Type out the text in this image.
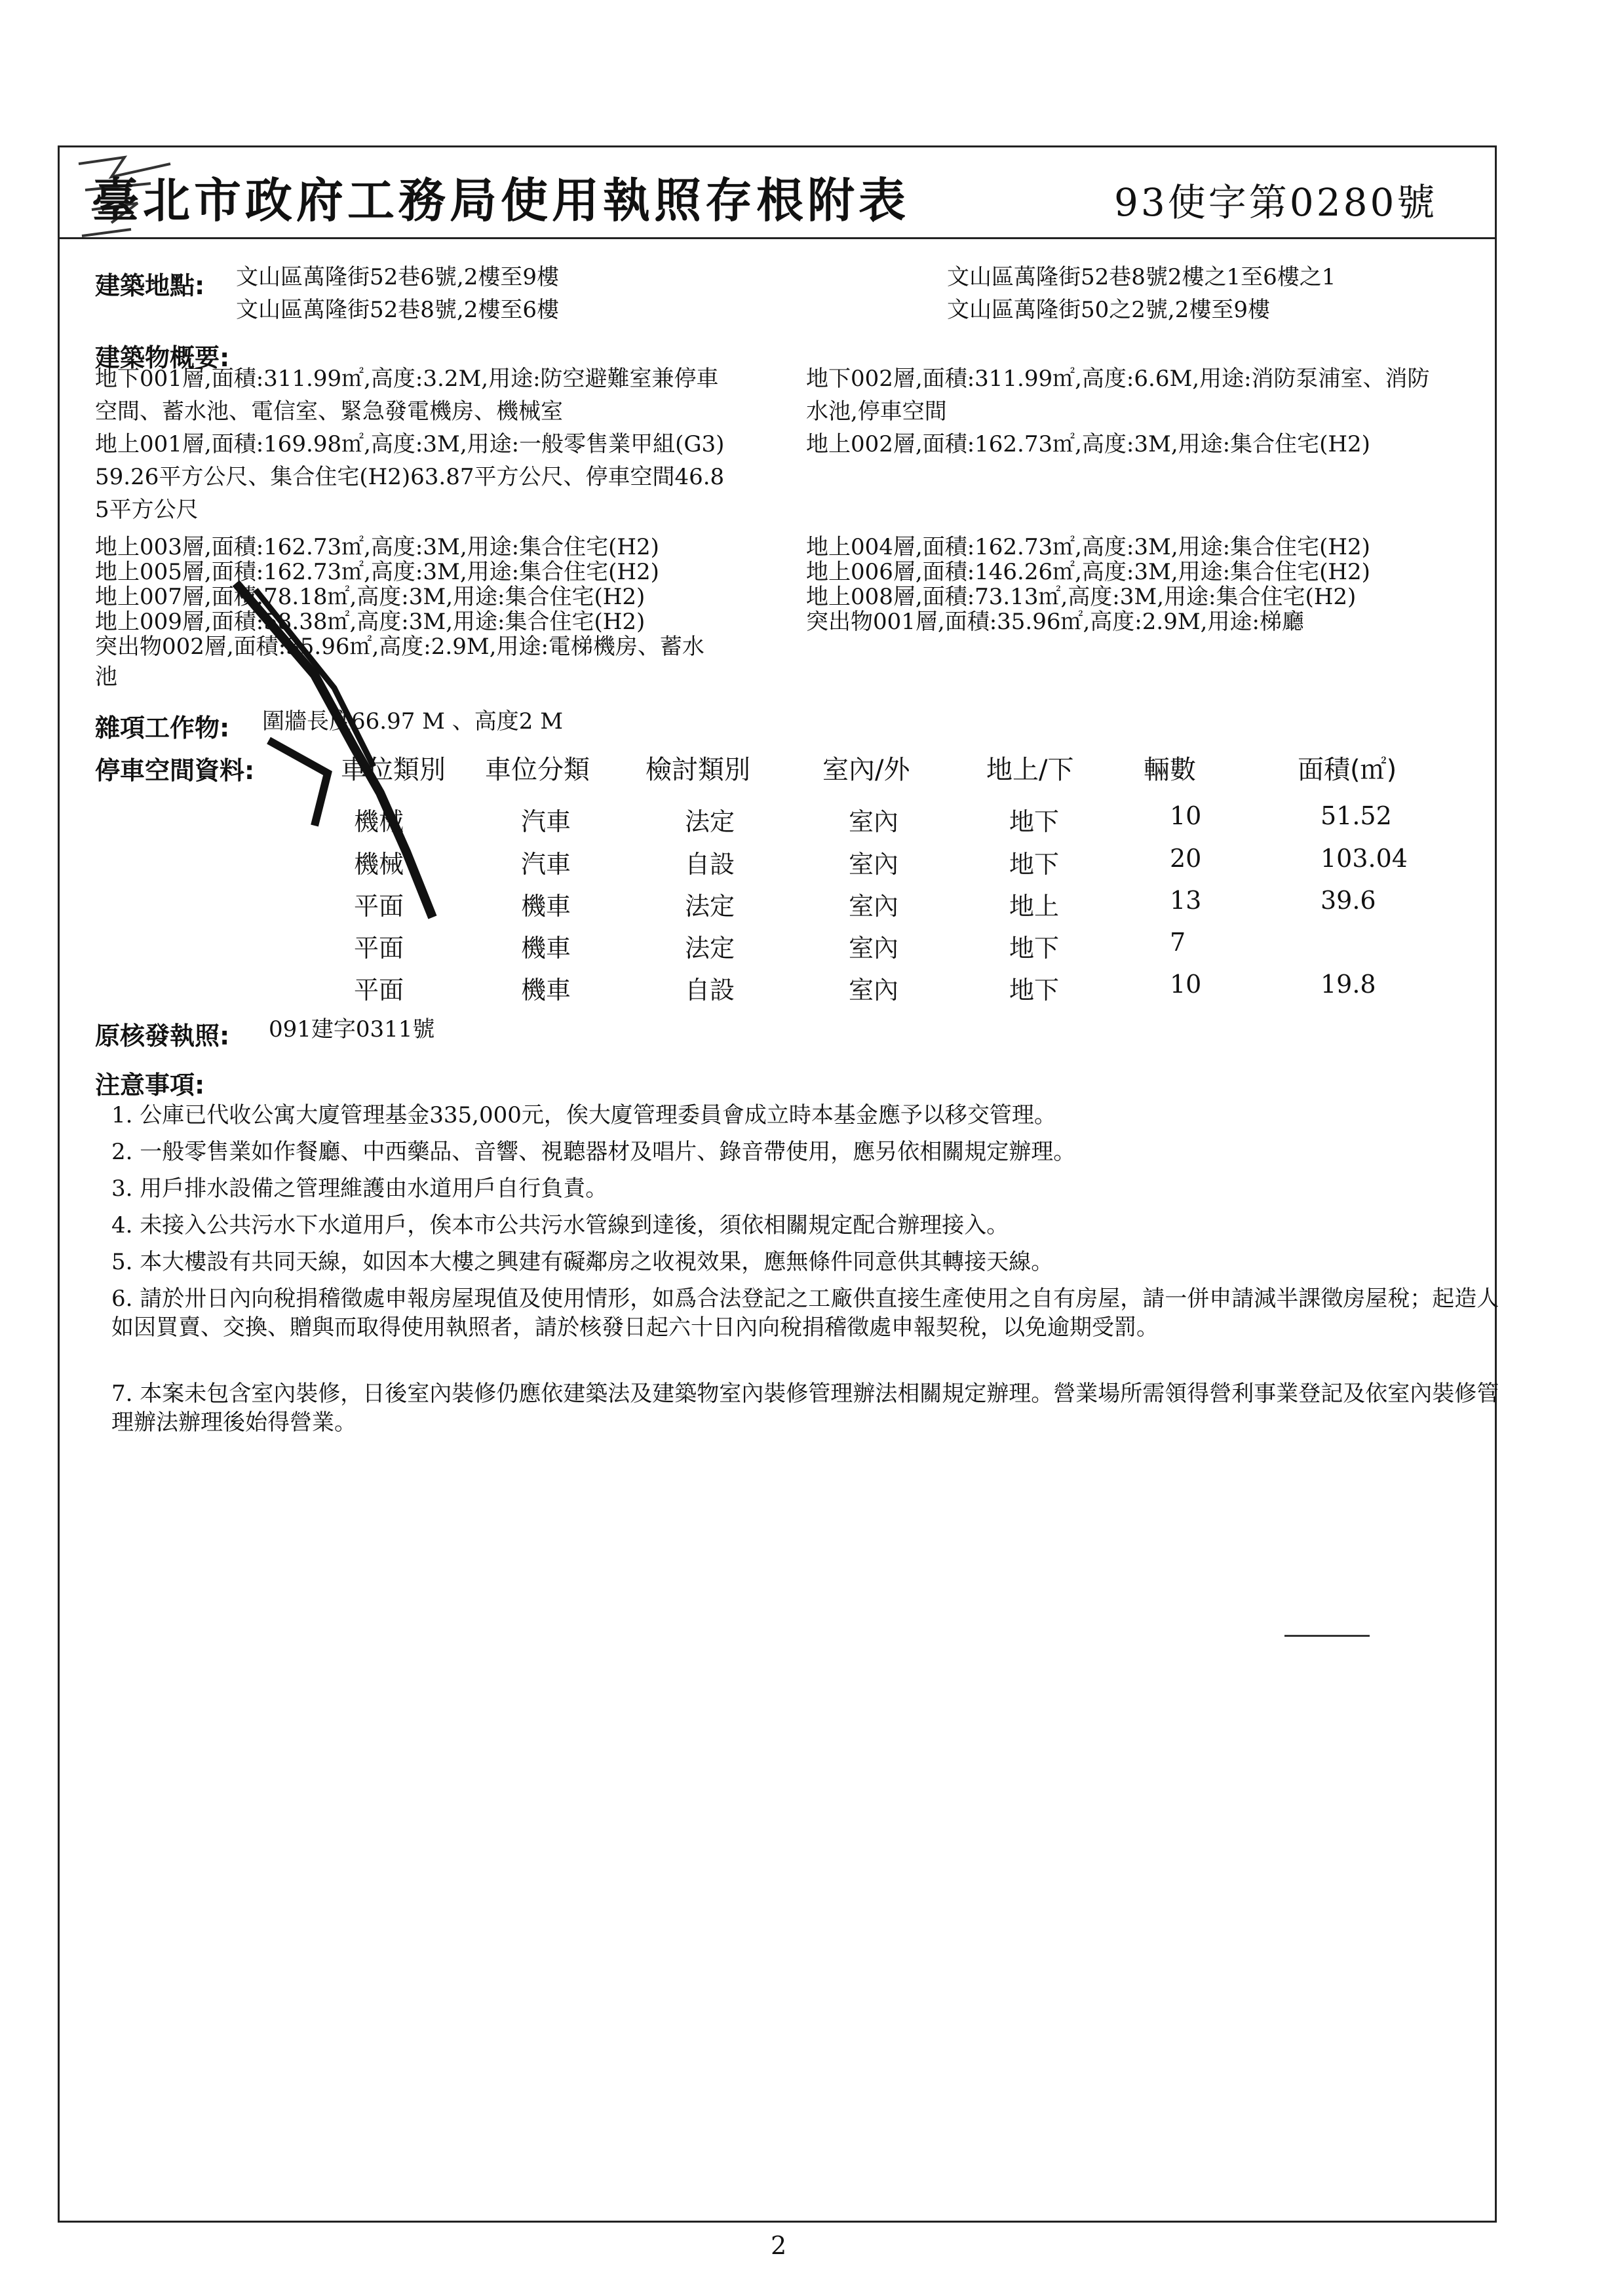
臺北市政府工務局使用執照存根附表	93使字第0280號
建築地點: 文山區萬隆街52巷6號,2樓至9樓
文山區萬隆街52巷8號,2樓至6樓
文山區萬隆街52巷8號2樓之1至6樓之1
文山區萬隆街50之2號,2樓至9樓
建築物概要:
地下001層,面積:311.99㎡,高度:3.2M,用途:防空避難室兼停車
空間、蓄水池、電信室、緊急發電機房、機械室
地下002層,面積:311.99㎡,高度:6.6M,用途:消防泵浦室、消防
水池,停車空間
地上001層,面積:169.98㎡,高度:3M,用途:一般零售業甲組(G3)
59.26平方公尺、集合住宅(H2)63.87平方公尺、停車空間46.8
5平方公尺
地上002層,面積:162.73㎡,高度:3M,用途:集合住宅(H2)
地上003層,面積:162.73㎡,高度:3M,用途:集合住宅(H2)	地上004層,面積:162.73㎡,高度:3M,用途:集合住宅(H2)
地上005層,面積:162.73㎡,高度:3M,用途:集合住宅(H2)	地上006層,面積:146.26㎡,高度:3M,用途:集合住宅(H2)
地上007層,面積:78.18㎡,高度:3M,用途:集合住宅(H2)	地上008層,面積:73.13㎡,高度:3M,用途:集合住宅(H2)
地上009層,面積:58.38㎡,高度:3M,用途:集合住宅(H2)	突出物001層,面積:35.96㎡,高度:2.9M,用途:梯廳
突出物002層,面積:35.96㎡,高度:2.9M,用途:電梯機房、蓄水
池
雜項工作物: 圍牆長度66.97 M 、高度2 M
停車空間資料:	車位類別 車位分類 檢討類別	室內/外	地上/下	輛數	面積(㎡)
機械	汽車	法定	室內	地下	10	51.52
機械	汽車	自設	室內	地下	20	103.04
平面	機車	法定	室內	地上	13	39.6
平面	機車	法定	室內	地下	7
平面	機車	自設	室內	地下	10	19.8
原核發執照: 091建字0311號
注意事項:
1. 公庫已代收公寓大廈管理基金335,000元，俟大廈管理委員會成立時本基金應予以移交管理。
2. 一般零售業如作餐廳、中西藥品、音響、視聽器材及唱片、錄音帶使用，應另依相關規定辦理。
3. 用戶排水設備之管理維護由水道用戶自行負責。
4. 未接入公共污水下水道用戶，俟本市公共污水管線到達後，須依相關規定配合辦理接入。
5. 本大樓設有共同天線，如因本大樓之興建有礙鄰房之收視效果，應無條件同意供其轉接天線。
6. 請於卅日內向稅捐稽徵處申報房屋現值及使用情形，如爲合法登記之工廠供直接生產使用之自有房屋，請一併申請減半課徵房屋稅；起造人如因買賣、交換、贈與而取得使用執照者，請於核發日起六十日內向稅捐稽徵處申報契稅，以免逾期受罰。
7. 本案未包含室內裝修，日後室內裝修仍應依建築法及建築物室內裝修管理辦法相關規定辦理。營業場所需領得營利事業登記及依室內裝修管理辦法辦理後始得營業。
2
